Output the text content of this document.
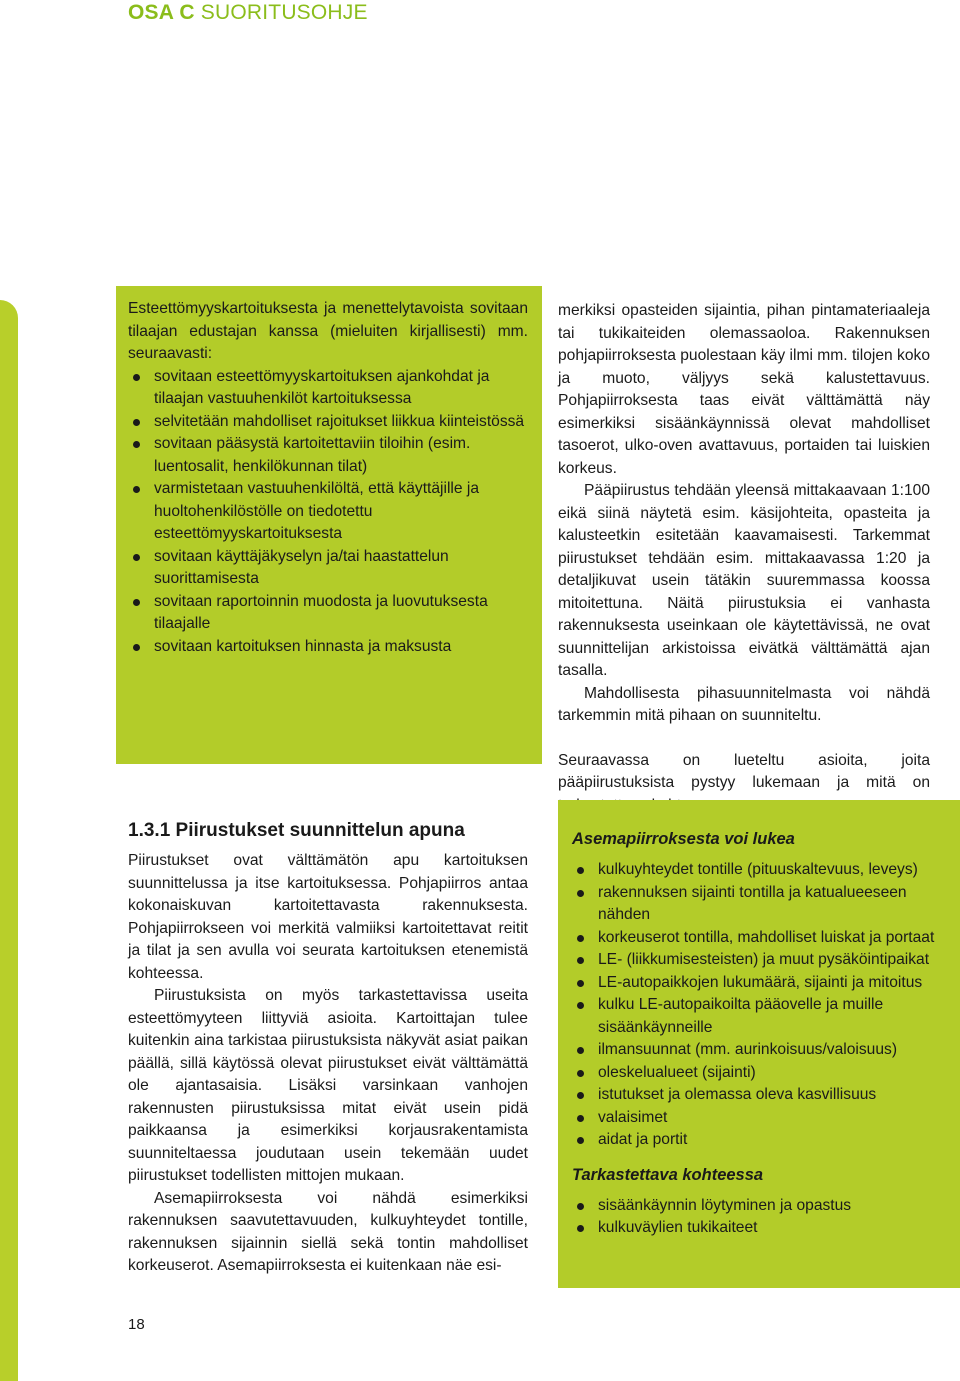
OSA C SUORITUSOHJE

Esteettömyyskartoituksesta ja menettelytavoista sovitaan tilaajan edustajan kanssa (mieluiten kirjallisesti) mm. seuraavasti:

sovitaan esteettömyyskartoituksen ajankohdat ja tilaajan vastuuhenkilöt kartoituksessa
selvitetään mahdolliset rajoitukset liikkua kiinteistössä
sovitaan pääsystä kartoitettaviin tiloihin (esim. luentosalit, henkilökunnan tilat)
varmistetaan vastuuhenkilöltä, että käyttäjille ja huoltohenkilöstölle on tiedotettu esteettömyyskartoituksesta
sovitaan käyttäjäkyselyn ja/tai haastattelun suorittamisesta
sovitaan raportoinnin muodosta ja luovutuksesta tilaajalle
sovitaan kartoituksen hinnasta ja maksusta

merkiksi opasteiden sijaintia, pihan pintamateriaaleja tai tukikaiteiden olemassaoloa. Rakennuksen pohjapiirroksesta puolestaan käy ilmi mm. tilojen koko ja muoto, väljyys sekä kalustettavuus. Pohjapiirroksesta taas eivät välttämättä näy esimerkiksi sisäänkäynnissä olevat mahdolliset tasoerot, ulko-oven avattavuus, portaiden tai luiskien korkeus.

Pääpiirustus tehdään yleensä mittakaavaan 1:100 eikä siinä näytetä esim. käsijohteita, opasteita ja kalusteetkin esitetään kaavamaisesti. Tarkemmat piirustukset tehdään esim. mittakaavassa 1:20 ja detaljikuvat usein tätäkin suuremmassa koossa mitoitettuna. Näitä piirustuksia ei vanhasta rakennuksesta useinkaan ole käytettävissä, ne ovat suunnittelijan arkistoissa eivätkä välttämättä ajan tasalla.

Mahdollisesta pihasuunnitelmasta voi nähdä tarkemmin mitä pihaan on suunniteltu.

Seuraavassa on lueteltu asioita, joita pääpiirustuksista pystyy lukemaan ja mitä on

1.3.1 Piirustukset suunnittelun apuna

Piirustukset ovat välttämätön apu kartoituksen suunnittelussa ja itse kartoituksessa. Pohjapiirros antaa kokonaiskuvan kartoitettavasta rakennuksesta. Pohjapiirrokseen voi merkitä valmiiksi kartoitettavat reitit ja tilat ja sen avulla voi seurata kartoituksen etenemistä kohteessa.

Piirustuksista on myös tarkastettavissa useita esteettömyyteen liittyviä asioita. Kartoittajan tulee kuitenkin aina tarkistaa piirustuksista näkyvät asiat paikan päällä, sillä käytössä olevat piirustukset eivät välttämättä ole ajantasaisia. Lisäksi varsinkaan vanhojen rakennusten piirustuksissa mitat eivät usein pidä paikkaansa ja esimerkiksi korjausrakentamista suunniteltaessa joudutaan usein tekemään uudet piirustukset todellisten mittojen mukaan.

Asemapiirroksesta voi nähdä esimerkiksi rakennuksen saavutettavuuden, kulkuyhteydet tontille, rakennuksen sijainnin siellä sekä tontin mahdolliset korkeuserot. Asemapiirroksesta ei kuitenkaan näe esi-

Asemapiirroksesta voi lukea
kulkuyhteydet tontille (pituuskaltevuus, leveys)
rakennuksen sijainti tontilla ja katualueeseen nähden
korkeuserot tontilla, mahdolliset luiskat ja portaat
LE- (liikkumisesteisten) ja muut pysäköintipaikat
LE-autopaikkojen lukumäärä, sijainti ja mitoitus
kulku LE-autopaikoilta pääovelle ja muille sisäänkäynneille
ilmansuunnat (mm. aurinkoisuus/valoisuus)
oleskelualueet (sijainti)
istutukset ja olemassa oleva kasvillisuus
valaisimet
aidat ja portit
Tarkastettava kohteessa
sisäänkäynnin löytyminen ja opastus
kulkuväylien tukikaiteet
18
